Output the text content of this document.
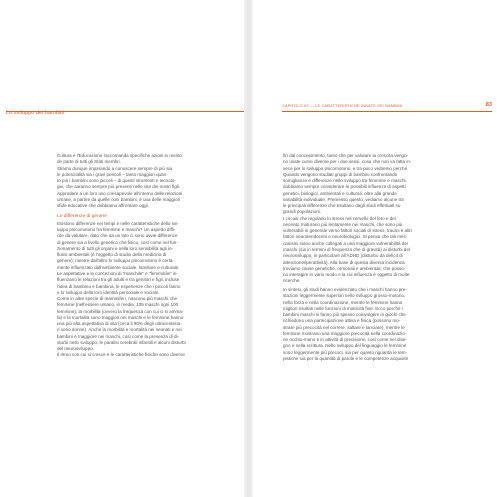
Lo sviluppo dei bambini
Cultura e l'Educazione raccomanda specifiche azioni in merito
de parte di tutti gli Stati membri.
Stiamo dunque imparando a conoscere sempre di più sia
le potenzialità sia i gravi pericoli – tanto maggiori quan-
to più i bambini sono piccoli – di questi strumenti e tecnolo-
gie, che saranno sempre più presenti nelle vite dei nostri figli.
Approdare a un loro uso consapevole all'interno delle relazioni
umane, a partire da quelle coni bambini, è una delle maggiori
sfide educative che dobbiamo affrontare oggi.
Le differenze di genere
Esistono differenze nei tempi e nelle caratteristiche dello svi-
luppo psicomotorio fra femmine e maschi? Un aspetto diffi-
cile da valutare, dato che da un lato ci sono ovvie differenze
di genere sia a livello genetico che fisico, così come nel fun-
zionamento di tutti gli organi e nella loro sensibilità agli in-
flussi ambientali (è l'oggetto di studio della medicina di
genere); mentre dall'altro lo sviluppo psicomotorio è certa-
mente influenzato dall'ambiente sociale, familiare e culturale.
Le aspettative e le concezioni di "maschile" e "femminile" in-
fluenzano le relazioni tra gli adulti e tra genitori e figli, incluse
l'idea di bambino e bambina, le esperienze che i piccoli fanno
e lo sviluppo della loro identità personale e sociale.
Come in altre specie di mammiferi, nascono più maschi che
femmine (nell'essere umano, in media, 105 maschi ogni 100
femmine), la morbilità (ovvero la frequenza con cui ci si amma-
la) e la mortalità sono maggiori nei maschi e le femmine hanno
una più alta aspettativa di vita (circa il 90% degli ultracentena-
ri sono donne). Anche la morbilità e mortalità nei neonati e nei
bambini è maggiore nei maschi, così come la presenza di di-
sturbi nello sviluppo, le paralisi cerebrali infantili e alcuni disturbi
del neurosviluppo.
Il ritmo con cui si cresce e le caratteristiche fisiche sono diverse
CAPITOLO 02 — LE CARATTERISTICHE INNATE DEI BAMBINI	83
fin dal concepimento, tanto che per valutare la crescita vengo-
no usate curve diverse per i due sessi, cosa che non va fatta in-
vece per lo sviluppo psicomotorio, e tra poco vedremo perché.
Quando vengono studiati gruppi di bambini confrontando
somiglianze e differenze nello sviluppo tra femmine e maschi,
dobbiamo sempre considerare le possibili influenze di aspetti
genetici, biologici, ambientali e culturali, oltre alla grande
variabilità individuale. Premesso questo, vediamo alcune tra
le principali differenze che risultano dagli studi effettuati su
grandi popolazioni.
I circuiti che regolano lo stress nel cervello del feto e del
neonato maturano più lentamente nei maschi, che sono più
vulnerabili in generale verso fattori sociali di stress, traumi e altri
fattori neurotendocrini e neurobiologici. Si pensa che tali mec-
canismi siano anche collegati a una maggiore vulnerabilità dei
maschi (sia in termini di frequenza che di gravità) ai disturbi del
neurosviluppo, in particolare all'ADHD (disturbo da deficit di
attenzione/iperattività). Alla base di questa diversa incidenza
troviamo cause genetiche, ormonali e ambientali, che posso-
no interagire in vario modo e la cui influenza è oggetto di molte
ricerche.
In sintesi, gli studi hanno evidenziato che i maschi hanno pre-
stazioni leggermente superiori nello sviluppo grosso-motorio,
nella forza e nella coordinazione, mentre le femmine hanno
migliori risultati nelle funzioni di motricità fine. Ecco perché i
bambini maschi si fanno più spesso coinvolgere in giochi che
richiedono una partecipazione attiva e fisica (possono mo-
strare più precocità nel correre, saltare e lanciare), mentre le
femmine mostrano una maggiore precocità nella coordinazio-
ne occhio-mano e in attività di precisione, così come nel dise-
gno e nella scrittura. Nello sviluppo del linguaggio le femmine
sono leggermente più precoci, sia per quanto riguarda le tem-
pistiche sia per la quantità di parole e le competenze acquisite
